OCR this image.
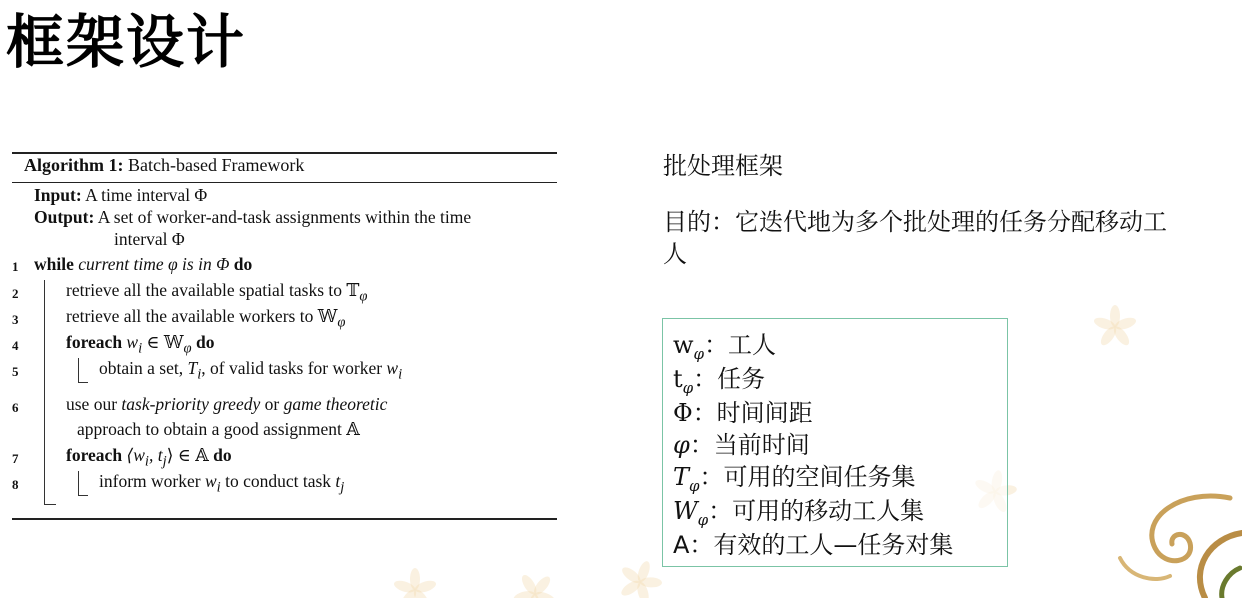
框架设计
Algorithm 1: Batch-based Framework
Input: A time interval Φ
Output: A set of worker-and-task assignments within the time
interval Φ
1 while current time φ is in Φ do
2	retrieve all the available spatial tasks to 𝕋$_\varphi$
3	retrieve all the available workers to 𝕎$_\varphi$
4	foreach $w_i$ ∈ 𝕎$_\varphi$ do
5	obtain a set, $T_i$, of valid tasks for worker $w_i$
6	use our task-priority greedy or game theoretic
approach to obtain a good assignment 𝔸
7	foreach $⟨w_i$, $t_j⟩$ ∈ 𝔸 do
8	inform worker $w_i$ to conduct task $t_j$
批处理框架
目的：它迭代地为多个批处理的任务分配移动工人
$w_\varphi$：工人
$t_\varphi$：任务
Φ：时间间距
φ：当前时间
$T_\varphi$：可用的空间任务集
$W_\varphi$：可用的移动工人集
A：有效的工人—任务对集
